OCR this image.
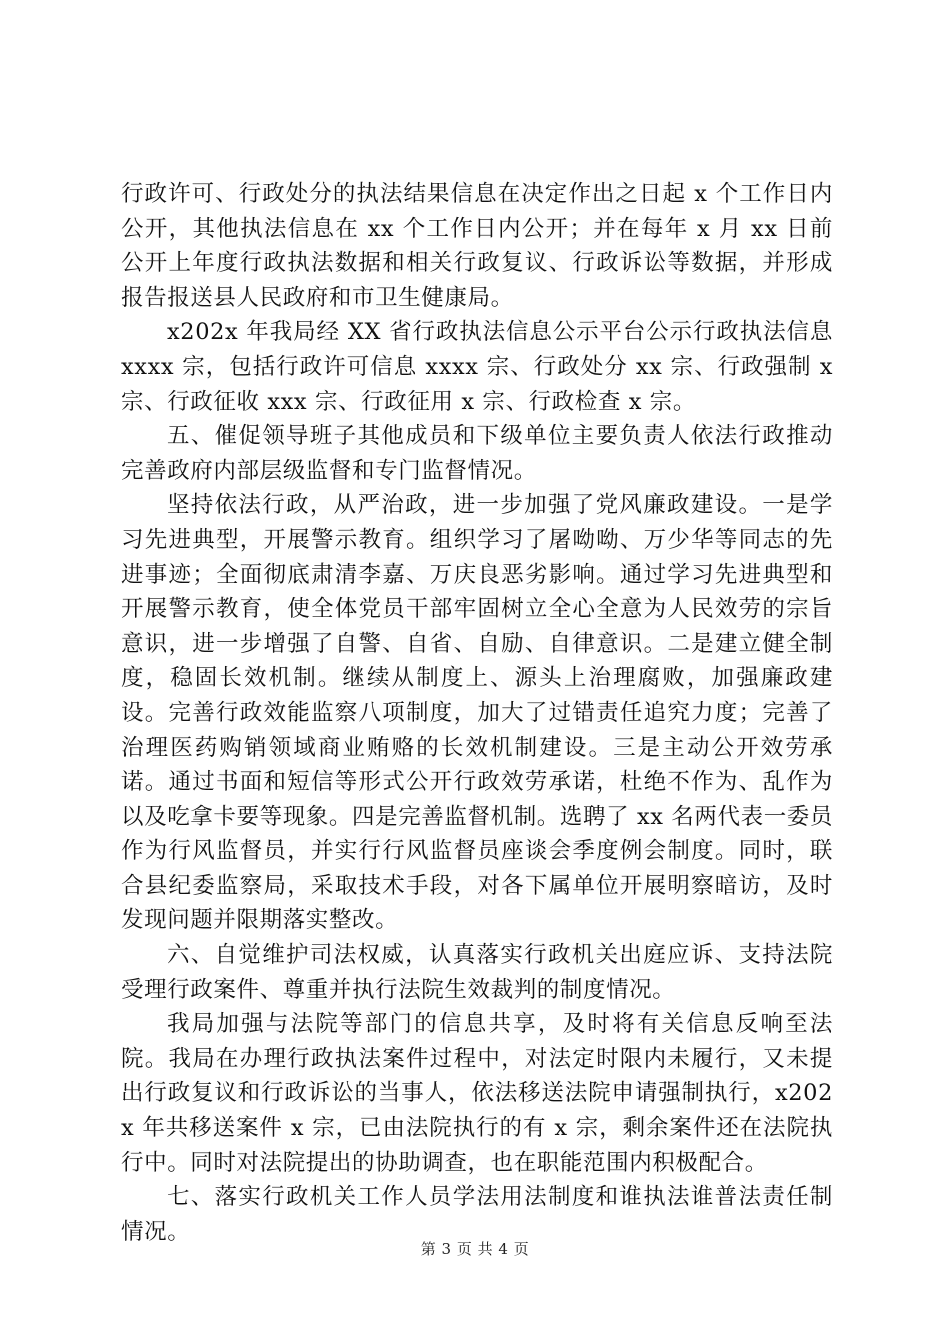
行政许可、行政处分的执法结果信息在决定作出之日起 x 个工作日内公开，其他执法信息在 xx 个工作日内公开；并在每年 x 月 xx 日前公开上年度行政执法数据和相关行政复议、行政诉讼等数据，并形成报告报送县人民政府和市卫生健康局。

x202x 年我局经 XX 省行政执法信息公示平台公示行政执法信息 xxxx 宗，包括行政许可信息 xxxx 宗、行政处分 xx 宗、行政强制 x 宗、行政征收 xxx 宗、行政征用 x 宗、行政检查 x 宗。

五、催促领导班子其他成员和下级单位主要负责人依法行政推动完善政府内部层级监督和专门监督情况。

坚持依法行政，从严治政，进一步加强了党风廉政建设。一是学习先进典型，开展警示教育。组织学习了屠呦呦、万少华等同志的先进事迹；全面彻底肃清李嘉、万庆良恶劣影响。通过学习先进典型和开展警示教育，使全体党员干部牢固树立全心全意为人民效劳的宗旨意识，进一步增强了自警、自省、自励、自律意识。二是建立健全制度，稳固长效机制。继续从制度上、源头上治理腐败，加强廉政建设。完善行政效能监察八项制度，加大了过错责任追究力度；完善了治理医药购销领域商业贿赂的长效机制建设。三是主动公开效劳承诺。通过书面和短信等形式公开行政效劳承诺，杜绝不作为、乱作为以及吃拿卡要等现象。四是完善监督机制。选聘了 xx 名两代表一委员作为行风监督员，并实行行风监督员座谈会季度例会制度。同时，联合县纪委监察局，采取技术手段，对各下属单位开展明察暗访，及时发现问题并限期落实整改。

六、自觉维护司法权威，认真落实行政机关出庭应诉、支持法院受理行政案件、尊重并执行法院生效裁判的制度情况。

我局加强与法院等部门的信息共享，及时将有关信息反响至法院。我局在办理行政执法案件过程中，对法定时限内未履行，又未提出行政复议和行政诉讼的当事人，依法移送法院申请强制执行，x202x 年共移送案件 x 宗，已由法院执行的有 x 宗，剩余案件还在法院执行中。同时对法院提出的协助调查，也在职能范围内积极配合。

七、落实行政机关工作人员学法用法制度和谁执法谁普法责任制情况。

第 3 页 共 4 页
